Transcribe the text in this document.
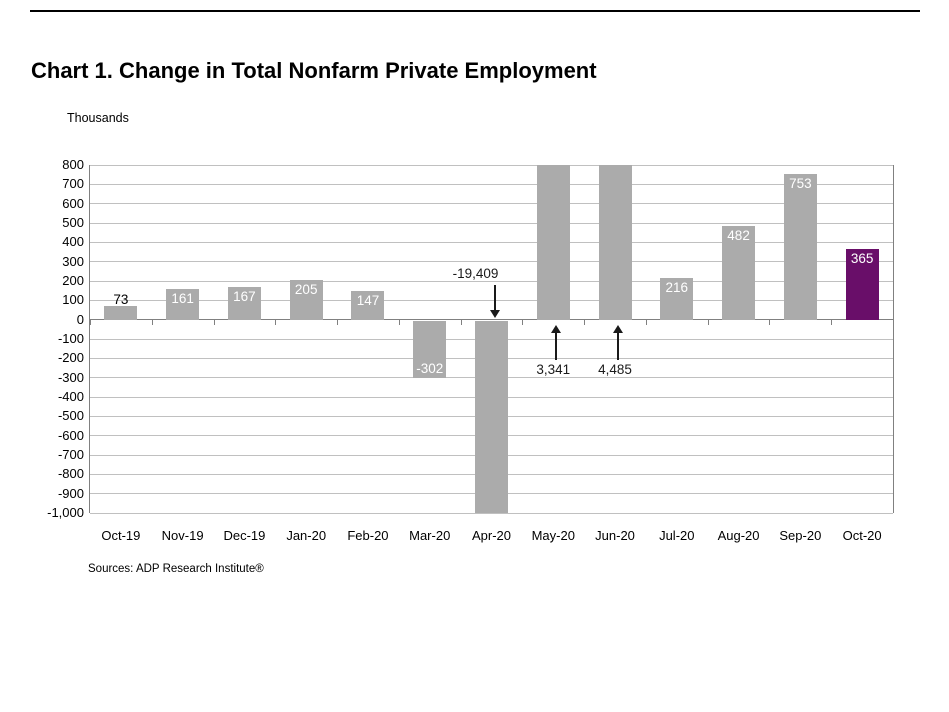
Chart 1. Change in Total Nonfarm Private Employment
Thousands
800
700
600
500
400
300
200
100
0
-100
-200
-300
-400
-500
-600
-700
-800
-900
-1,000
73
Oct-19
161
Nov-19
167
Dec-19
205
Jan-20
147
Feb-20
-302
Mar-20	Apr-20	May-20	Jun-20
216
Jul-20
482
Aug-20
753
Sep-20
365
Oct-20
-19,409
3,341	4,485
Sources: ADP Research Institute®
